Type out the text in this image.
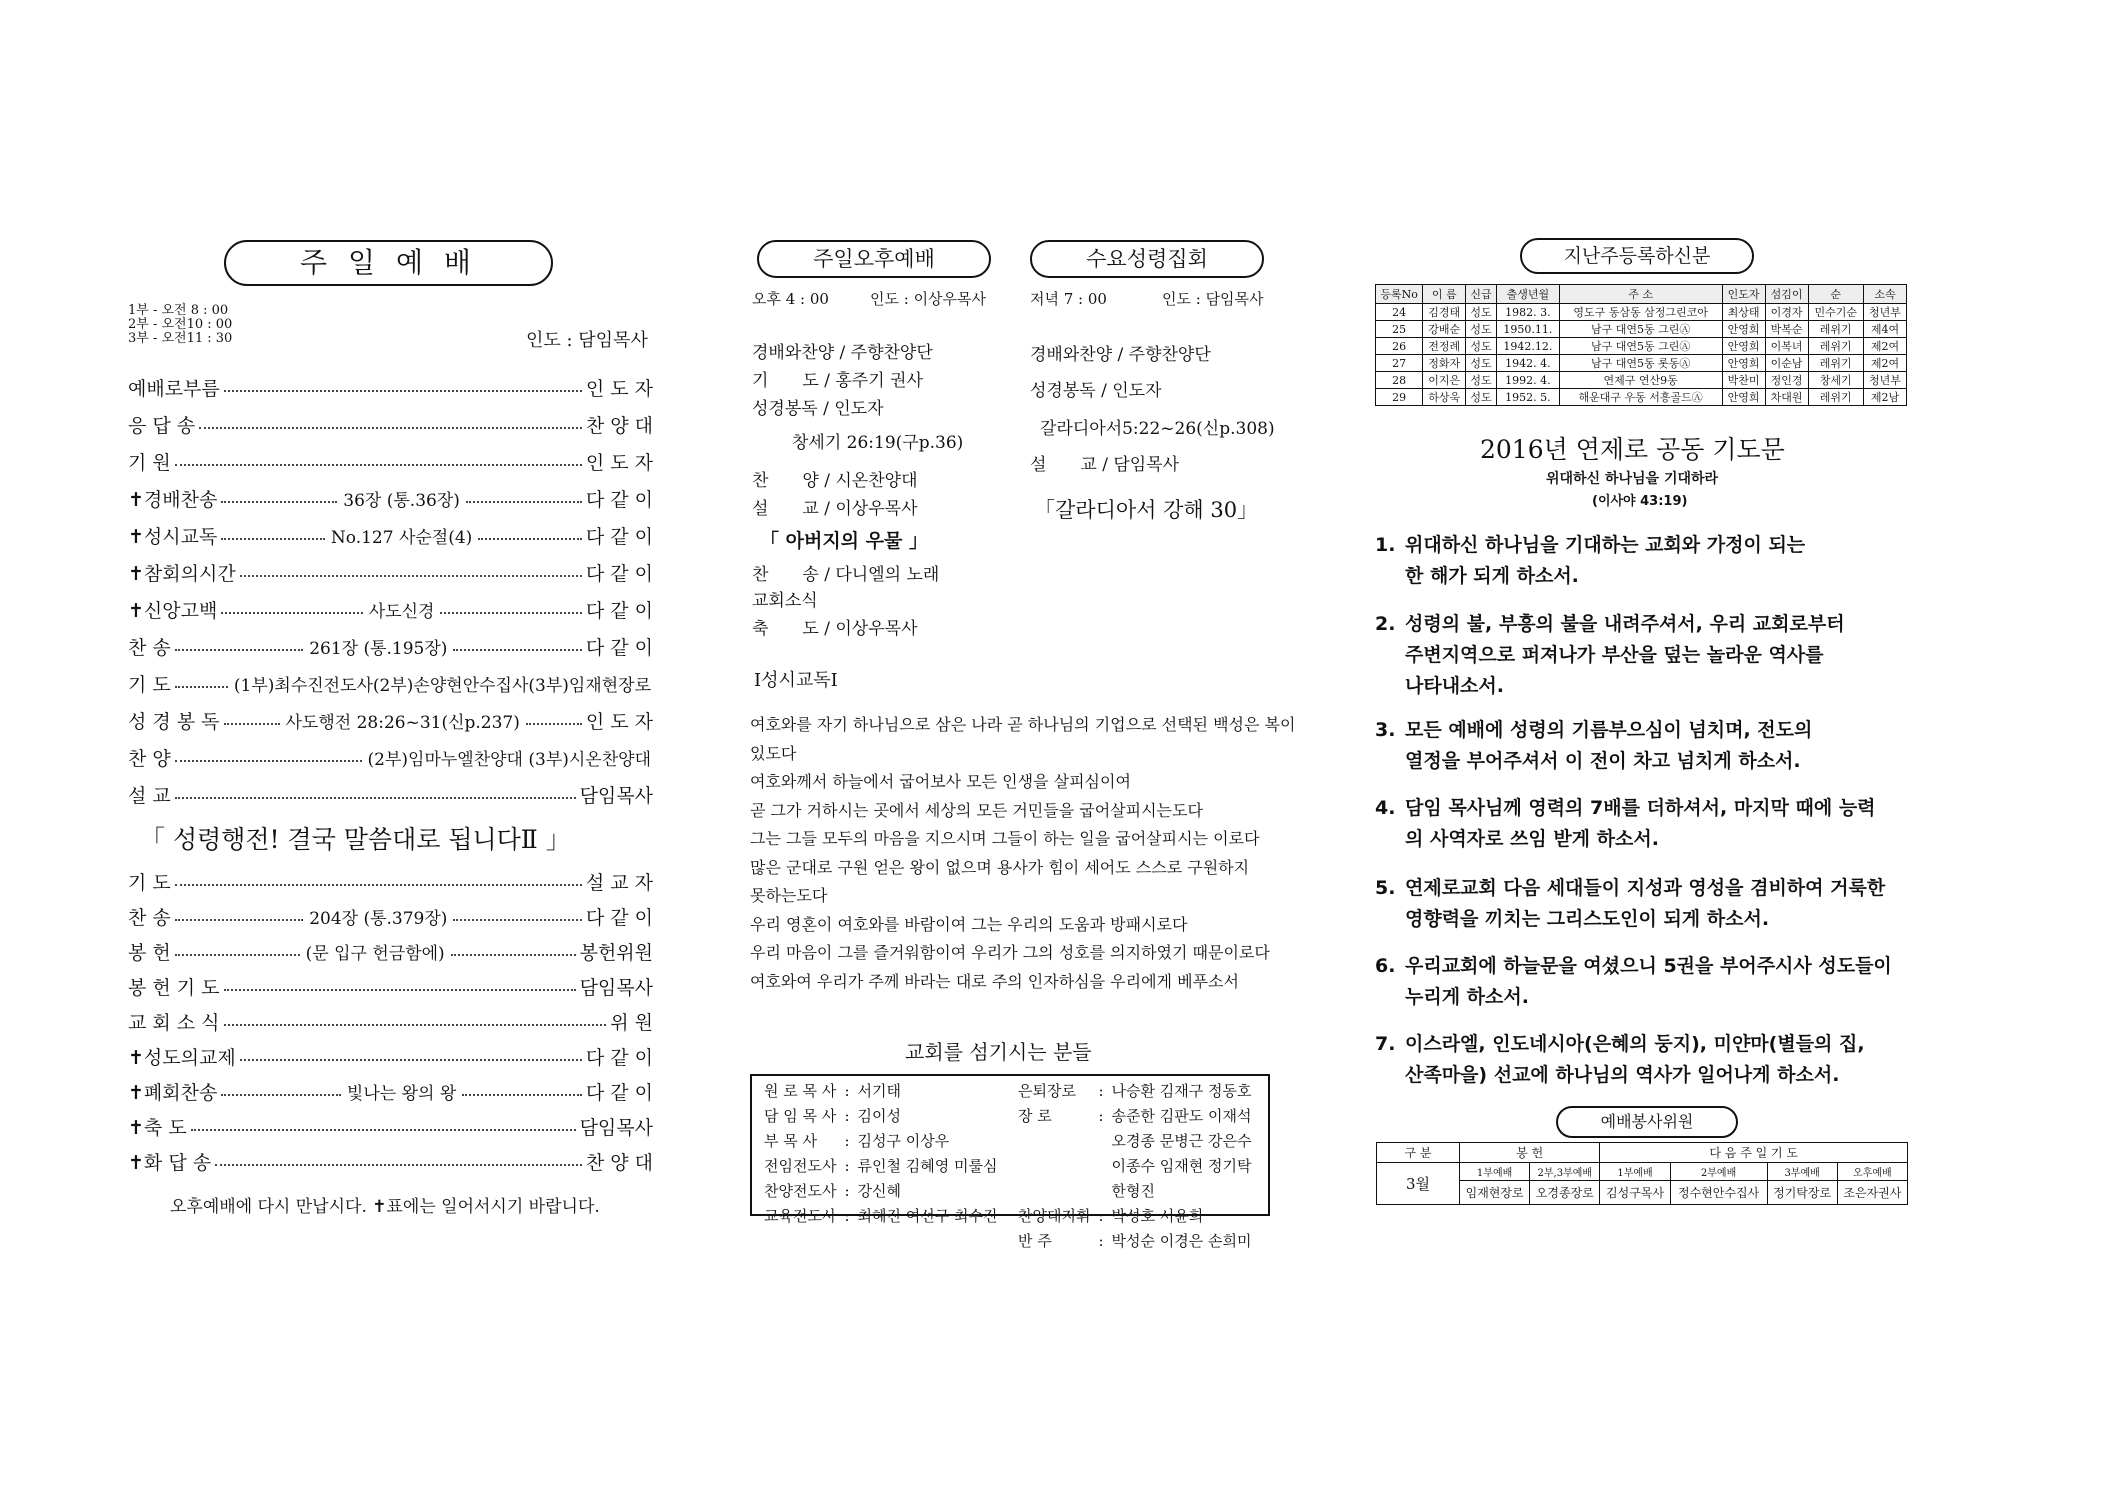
주 일 예 배
1부 - 오전 8 : 00
2부 - 오전10 : 00
3부 - 오전11 : 30	인도 : 담임목사
예배로부름	인 도 자
응 답 송	찬 양 대
기 원	인 도 자
✝경배찬송	36장 (통.36장)	다 같 이
✝성시교독	No.127 사순절(4)	다 같 이
✝참회의시간	다 같 이
✝신앙고백	사도신경	다 같 이
찬 송	261장 (통.195장)	다 같 이
기 도	(1부)최수진전도사(2부)손양현안수집사(3부)임재현장로
성 경 봉 독	사도행전 28:26~31(신p.237)	인 도 자
찬 양	(2부)임마누엘찬양대 (3부)시온찬양대
설 교	담임목사
「 성령행전! 결국 말씀대로 됩니다Ⅱ 」
기 도	설 교 자
찬 송	204장 (통.379장)	다 같 이
봉 헌	(문 입구 헌금함에)	봉헌위원
봉 헌 기 도	담임목사
교 회 소 식	위 원
✝성도의교제	다 같 이
✝폐회찬송	빛나는 왕의 왕	다 같 이
✝축 도	담임목사
✝화 답 송	찬 양 대
오후예배에 다시 만납시다. ✝표에는 일어서시기 바랍니다.
주일오후예배	수요성령집회
오후 4 : 00	인도 : 이상우목사	저녁 7 : 00	인도 : 담임목사
경배와찬양 / 주향찬양단
기　　도 / 홍주기 권사
성경봉독 / 인도자
창세기 26:19(구p.36)
찬　　양 / 시온찬양대
설　　교 / 이상우목사
「 아버지의 우물 」
찬　　송 / 다니엘의 노래
교회소식
축　　도 / 이상우목사
경배와찬양 / 주향찬양단
성경봉독 / 인도자
갈라디아서5:22~26(신p.308)
설　　교 / 담임목사
「갈라디아서 강해 30」
Ⅰ성시교독Ⅰ
여호와를 자기 하나님으로 삼은 나라 곧 하나님의 기업으로 선택된 백성은 복이
있도다
여호와께서 하늘에서 굽어보사 모든 인생을 살피심이여
곧 그가 거하시는 곳에서 세상의 모든 거민들을 굽어살피시는도다
그는 그들 모두의 마음을 지으시며 그들이 하는 일을 굽어살피시는 이로다
많은 군대로 구원 얻은 왕이 없으며 용사가 힘이 세어도 스스로 구원하지
못하는도다
우리 영혼이 여호와를 바람이여 그는 우리의 도움과 방패시로다
우리 마음이 그를 즐거워함이여 우리가 그의 성호를 의지하였기 때문이로다
여호와여 우리가 주께 바라는 대로 주의 인자하심을 우리에게 베푸소서
교회를 섬기시는 분들
원 로 목 사	:	서기태
담 임 목 사	:	김이성
부 목 사	:	김성구 이상우
전임전도사	:	류인철 김혜영 미룰심
찬양전도사	:	강신혜
교육전도사	:	최혜진 여선구 최수진
은퇴장로	:	나승환 김재구 정동호
장 로	:	송준한 김판도 이재석
		오경종 문병근 강은수
		이종수 임재현 정기탁
		한형진
찬양대지휘	:	박성호 서윤희
반 주	:	박성순 이경은 손희미
지난주등록하신분
등록No	이 름	신급	출생년월	주 소	인도자	섬김이	순	소속
24	김경태	성도	1982. 3.	영도구 동삼동 삼정그린코아	최상태	이경자	민수기순	청년부
25	강배순	성도	1950.11.	남구 대연5동 그린Ⓐ	안영희	박복순	레위기	제4여
26	전정례	성도	1942.12.	남구 대연5동 그린Ⓐ	안영희	이복녀	레위기	제2여
27	정화자	성도	1942. 4.	남구 대연5동 롯동Ⓐ	안영희	이순남	레위기	제2여
28	이지은	성도	1992. 4.	연제구 연산9동	박찬미	정인경	창세기	청년부
29	하상욱	성도	1952. 5.	해운대구 우동 서흥골드Ⓐ	안영희	차대원	레위기	제2남
2016년 연제로 공동 기도문
위대하신 하나님을 기대하라
(이사야 43:19)
1. 위대하신 하나님을 기대하는 교회와 가정이 되는
한 해가 되게 하소서.
2. 성령의 불, 부흥의 불을 내려주셔서, 우리 교회로부터
주변지역으로 퍼져나가 부산을 덮는 놀라운 역사를
나타내소서.
3. 모든 예배에 성령의 기름부으심이 넘치며, 전도의
열정을 부어주셔서 이 전이 차고 넘치게 하소서.
4. 담임 목사님께 영력의 7배를 더하셔서, 마지막 때에 능력
의 사역자로 쓰임 받게 하소서.
5. 연제로교회 다음 세대들이 지성과 영성을 겸비하여 거룩한
영향력을 끼치는 그리스도인이 되게 하소서.
6. 우리교회에 하늘문을 여셨으니 5권을 부어주시사 성도들이
누리게 하소서.
7. 이스라엘, 인도네시아(은혜의 둥지), 미얀마(별들의 집,
산족마을) 선교에 하나님의 역사가 일어나게 하소서.
예배봉사위원
구 분	봉 헌		다 음 주 일 기 도			
3월	1부예배	2부,3부예배	1부예배	2부예배	3부예배	오후예배
	임재현장로	오경종장로	김성구목사	정수현안수집사	정기탁장로	조은자권사
